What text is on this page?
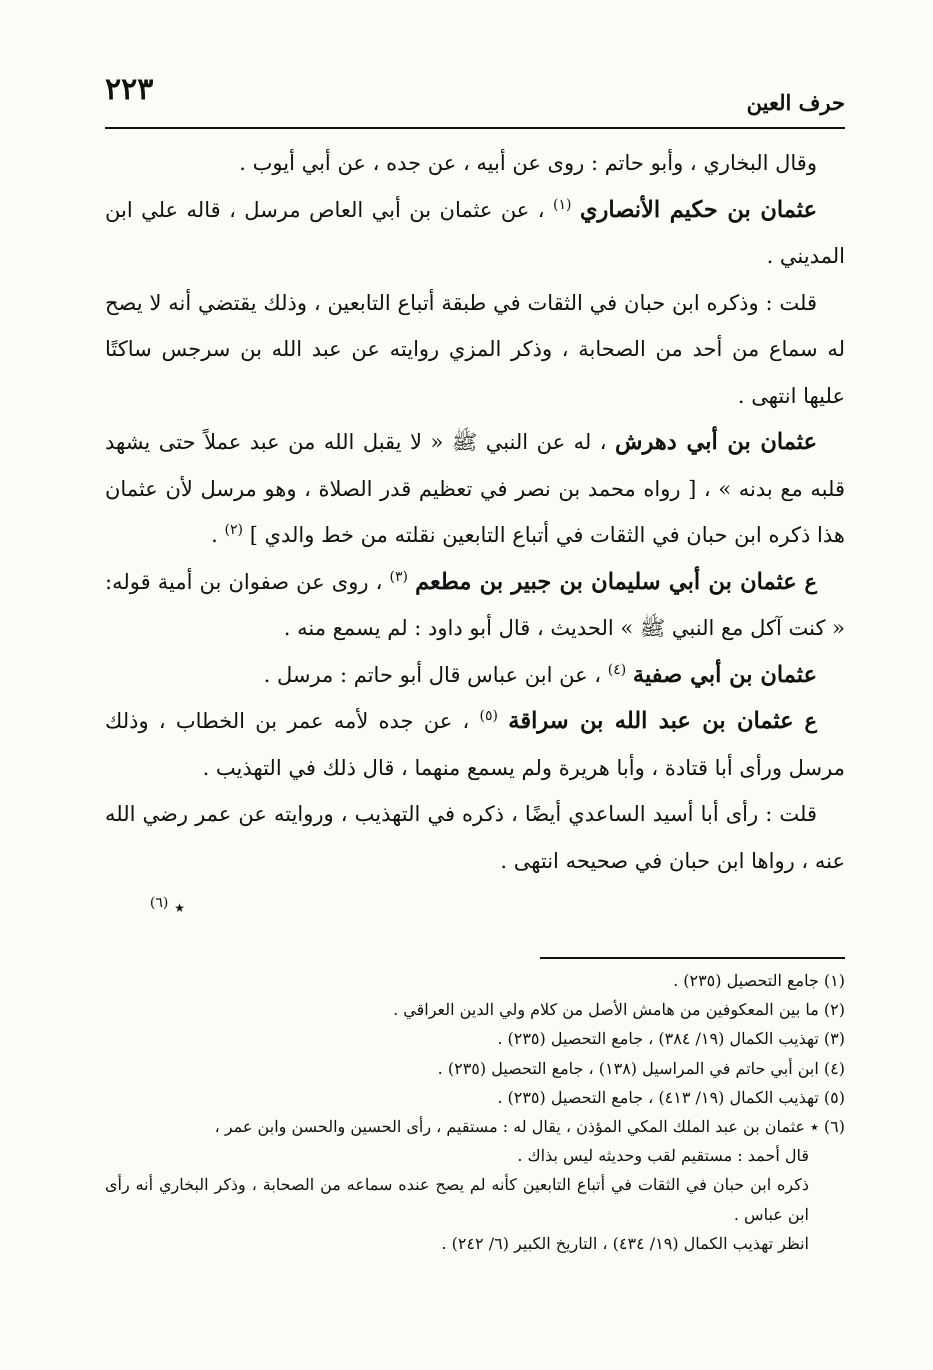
حرف العين
٢٢٣

وقال البخاري ، وأبو حاتم : روى عن أبيه ، عن جده ، عن أبي أيوب .

عثمان بن حكيم الأنصاري $^{(١)}$ ، عن عثمان بن أبي العاص مرسل ، قاله علي ابن المديني .

قلت : وذكره ابن حبان في الثقات في طبقة أتباع التابعين ، وذلك يقتضي أنه لا يصح له سماع من أحد من الصحابة ، وذكر المزي روايته عن عبد الله بن سرجس ساكتًا عليها انتهى .

عثمان بن أبي دهرش ، له عن النبي ﷺ « لا يقبل الله من عبد عملاً حتى يشهد قلبه مع بدنه » ، [ رواه محمد بن نصر في تعظيم قدر الصلاة ، وهو مرسل لأن عثمان هذا ذكره ابن حبان في الثقات في أتباع التابعين نقلته من خط والدي ] $^{(٢)}$ .

ع عثمان بن أبي سليمان بن جبير بن مطعم $^{(٣)}$ ، روى عن صفوان بن أمية قوله: « كنت آكل مع النبي ﷺ » الحديث ، قال أبو داود : لم يسمع منه .

عثمان بن أبي صفية $^{(٤)}$ ، عن ابن عباس قال أبو حاتم : مرسل .

ع عثمان بن عبد الله بن سراقة $^{(٥)}$ ، عن جده لأمه عمر بن الخطاب ، وذلك مرسل ورأى أبا قتادة ، وأبا هريرة ولم يسمع منهما ، قال ذلك في التهذيب .

قلت : رأى أبا أسيد الساعدي أيضًا ، ذكره في التهذيب ، وروايته عن عمر رضي الله عنه ، رواها ابن حبان في صحيحه انتهى .

٭ $^{(٦)}$

(١) جامع التحصيل (٢٣٥) .

(٢) ما بين المعكوفين من هامش الأصل من كلام ولي الدين العراقي .

(٣) تهذيب الكمال (١٩/ ٣٨٤) ، جامع التحصيل (٢٣٥) .

(٤) ابن أبي حاتم في المراسيل (١٣٨) ، جامع التحصيل (٢٣٥) .

(٥) تهذيب الكمال (١٩/ ٤١٣) ، جامع التحصيل (٢٣٥) .

(٦) ٭ عثمان بن عبد الملك المكي المؤذن ، يقال له : مستقيم ، رأى الحسين والحسن وابن عمر ،

قال أحمد : مستقيم لقب وحديثه ليس بذاك .

ذكره ابن حبان في الثقات في أتباع التابعين كأنه لم يصح عنده سماعه من الصحابة ، وذكر البخاري أنه رأى ابن عباس .

انظر تهذيب الكمال (١٩/ ٤٣٤) ، التاريخ الكبير (٦/ ٢٤٢) .
